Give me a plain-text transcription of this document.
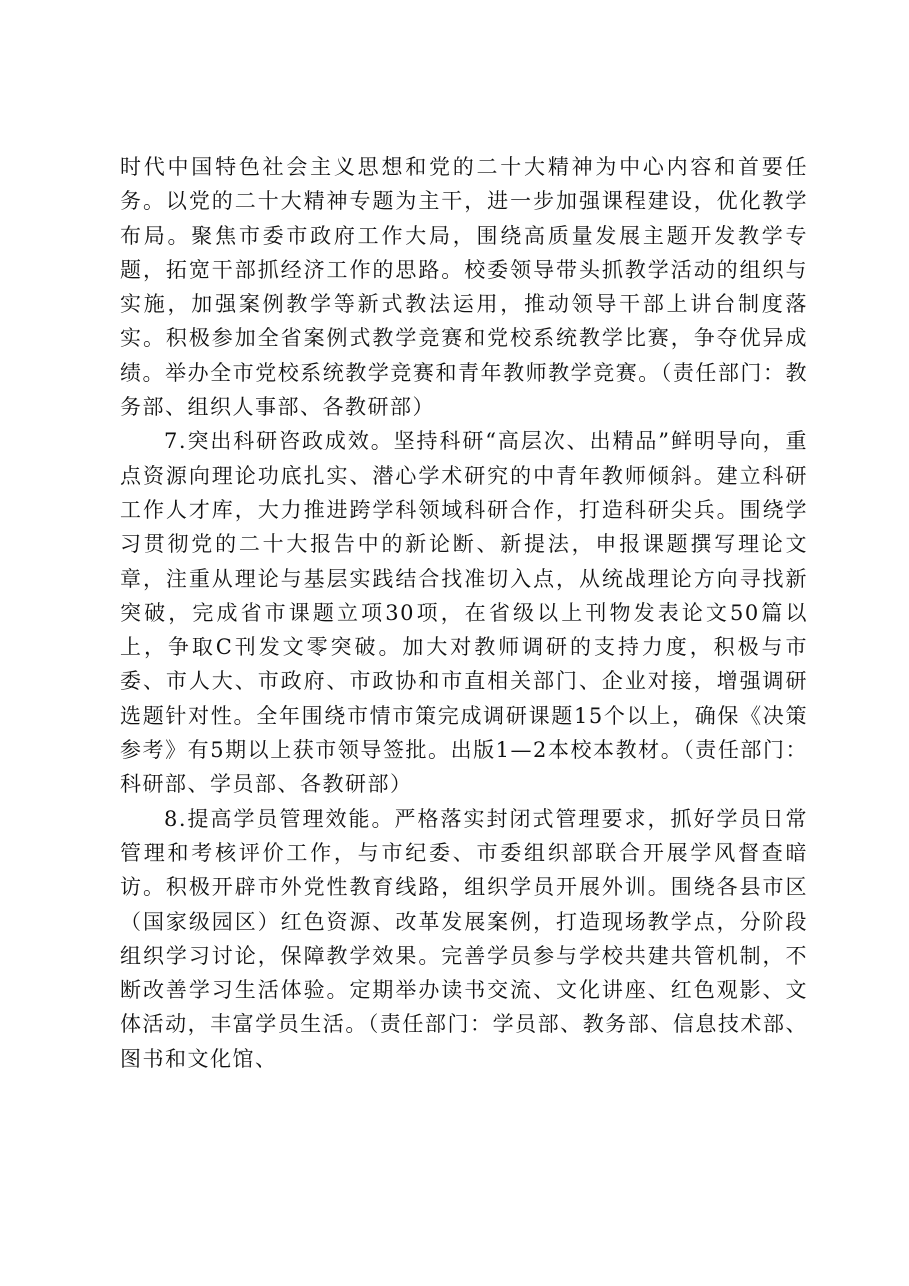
时代中国特色社会主义思想和党的二十大精神为中心内容和首要任务。以党的二十大精神专题为主干，进一步加强课程建设，优化教学布局。聚焦市委市政府工作大局，围绕高质量发展主题开发教学专题，拓宽干部抓经济工作的思路。校委领导带头抓教学活动的组织与实施，加强案例教学等新式教法运用，推动领导干部上讲台制度落实。积极参加全省案例式教学竞赛和党校系统教学比赛，争夺优异成绩。举办全市党校系统教学竞赛和青年教师教学竞赛。（责任部门：教务部、组织人事部、各教研部）

7.突出科研咨政成效。坚持科研“高层次、出精品”鲜明导向，重点资源向理论功底扎实、潜心学术研究的中青年教师倾斜。建立科研工作人才库，大力推进跨学科领域科研合作，打造科研尖兵。围绕学习贯彻党的二十大报告中的新论断、新提法，申报课题撰写理论文章，注重从理论与基层实践结合找准切入点，从统战理论方向寻找新突破，完成省市课题立项30项，在省级以上刊物发表论文50篇以上，争取C刊发文零突破。加大对教师调研的支持力度，积极与市委、市人大、市政府、市政协和市直相关部门、企业对接，增强调研选题针对性。全年围绕市情市策完成调研课题15个以上，确保《决策参考》有5期以上获市领导签批。出版1—2本校本教材。（责任部门：科研部、学员部、各教研部）

8.提高学员管理效能。严格落实封闭式管理要求，抓好学员日常管理和考核评价工作，与市纪委、市委组织部联合开展学风督查暗访。积极开辟市外党性教育线路，组织学员开展外训。围绕各县市区（国家级园区）红色资源、改革发展案例，打造现场教学点，分阶段组织学习讨论，保障教学效果。完善学员参与学校共建共管机制，不断改善学习生活体验。定期举办读书交流、文化讲座、红色观影、文体活动，丰富学员生活。（责任部门：学员部、教务部、信息技术部、图书和文化馆、
